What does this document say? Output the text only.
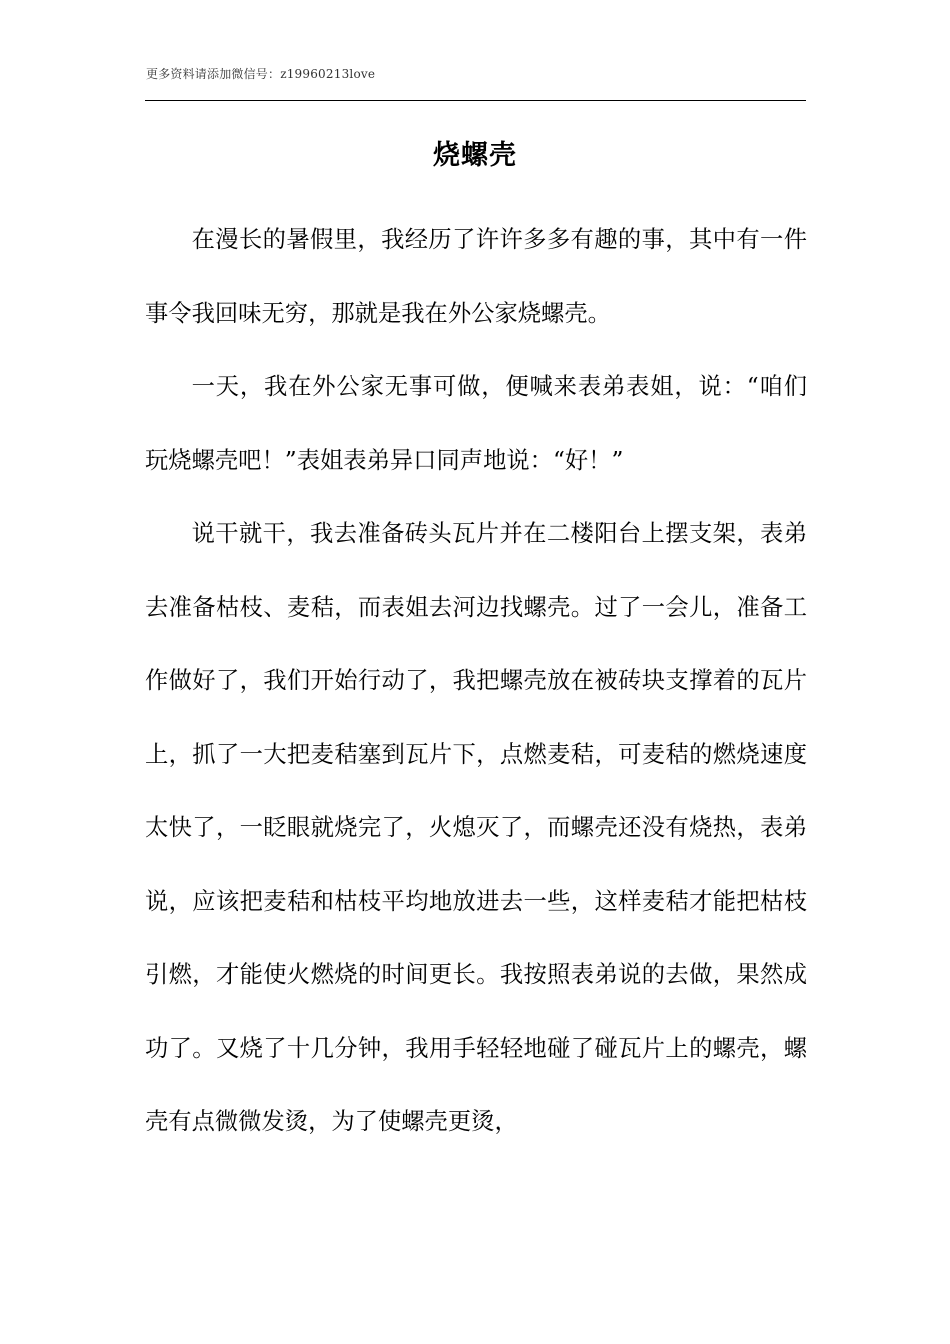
更多资料请添加微信号：z19960213love
烧螺壳

在漫长的暑假里，我经历了许许多多有趣的事，其中有一件事令我回味无穷，那就是我在外公家烧螺壳。

一天，我在外公家无事可做，便喊来表弟表姐，说：“咱们玩烧螺壳吧！”表姐表弟异口同声地说：“好！”

说干就干，我去准备砖头瓦片并在二楼阳台上摆支架，表弟去准备枯枝、麦秸，而表姐去河边找螺壳。过了一会儿，准备工作做好了，我们开始行动了，我把螺壳放在被砖块支撑着的瓦片上，抓了一大把麦秸塞到瓦片下，点燃麦秸，可麦秸的燃烧速度太快了，一眨眼就烧完了，火熄灭了，而螺壳还没有烧热，表弟说，应该把麦秸和枯枝平均地放进去一些，这样麦秸才能把枯枝引燃，才能使火燃烧的时间更长。我按照表弟说的去做，果然成功了。又烧了十几分钟，我用手轻轻地碰了碰瓦片上的螺壳，螺壳有点微微发烫，为了使螺壳更烫，
